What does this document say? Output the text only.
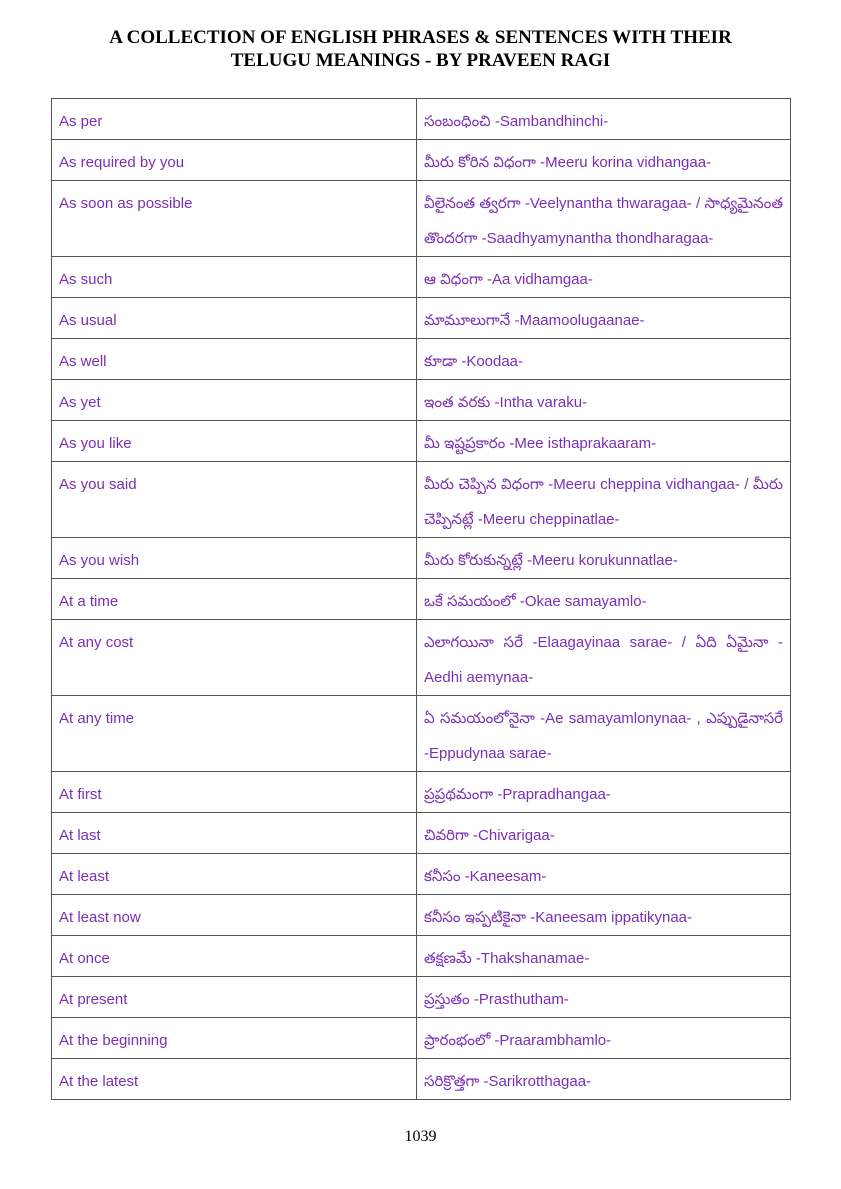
A COLLECTION OF ENGLISH PHRASES & SENTENCES WITH THEIR
TELUGU MEANINGS - BY PRAVEEN RAGI
As per	సంబంధించి -Sambandhinchi-
As required by you	మీరు కోరిన విధంగా -Meeru korina vidhangaa-
As soon as possible	వీలైనంత త్వరగా -Veelynantha thwaragaa- / సాధ్యమైనంత తొందరగా -Saadhyamynantha thondharagaa-
As such	ఆ విధంగా -Aa vidhamgaa-
As usual	మామూలుగానే -Maamoolugaanae-
As well	కూడా -Koodaa-
As yet	ఇంత వరకు -Intha varaku-
As you like	మీ ఇష్టప్రకారం -Mee isthaprakaaram-
As you said	మీరు చెప్పిన విధంగా -Meeru cheppina vidhangaa- / మీరు చెప్పినట్లే -Meeru cheppinatlae-
As you wish	మీరు కోరుకున్నట్లే -Meeru korukunnatlae-
At a time	ఒకే సమయంలో -Okae samayamlo-
At any cost	ఎలాగయినా సరే -Elaagayinaa sarae- / ఏది ఏమైనా -Aedhi aemynaa-
At any time	ఏ సమయంలోనైనా -Ae samayamlonynaa- , ఎప్పుడైనాసరే -Eppudynaa sarae-
At first	ప్రప్రథమంగా -Prapradhangaa-
At last	చివరిగా -Chivarigaa-
At least	కనీసం -Kaneesam-
At least now	కనీసం ఇప్పటికైనా -Kaneesam ippatikynaa-
At once	తక్షణమే -Thakshanamae-
At present	ప్రస్తుతం -Prasthutham-
At the beginning	ప్రారంభంలో -Praarambhamlo-
At the latest	సరిక్రొత్తగా -Sarikrotthagaa-
1039
